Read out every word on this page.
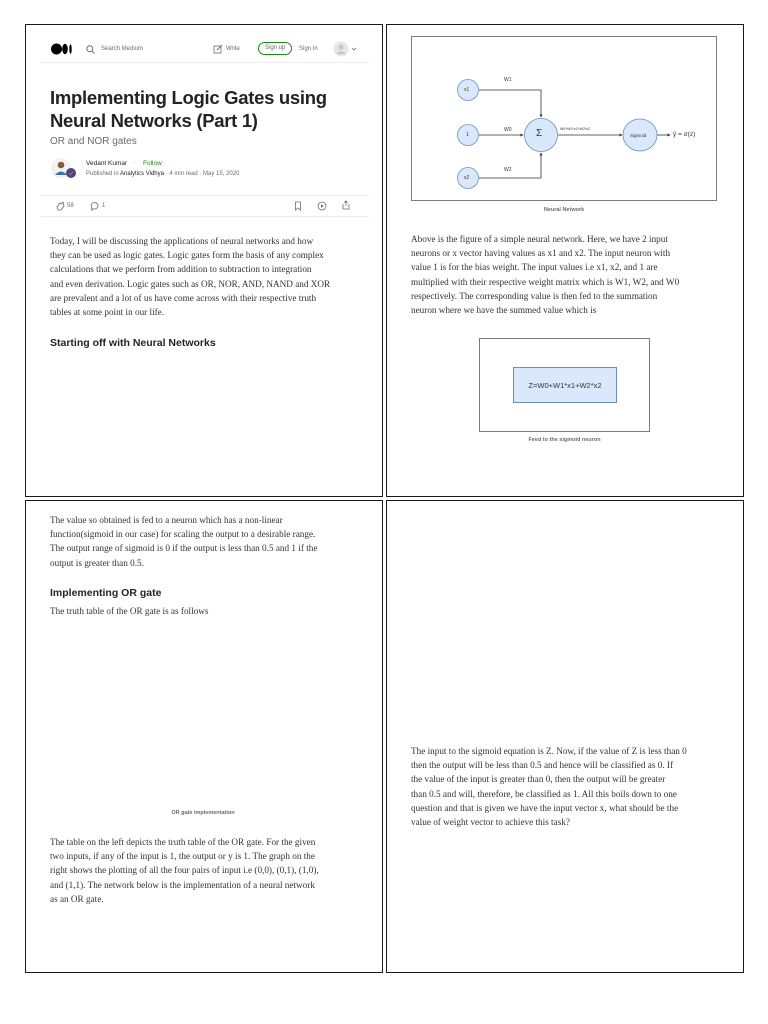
Search Medium	Write	Sign up Sign In
Implementing Logic Gates using
Neural Networks (Part 1)
OR and NOR gates
Vedant Kumar · Follow
Published in Analytics Vidhya · 4 min read · May 15, 2020
58	1
Today, I will be discussing the applications of neural networks and how
they can be used as logic gates. Logic gates form the basis of any complex
calculations that we perform from addition to subtraction to integration
and even derivation. Logic gates such as OR, NOR, AND, NAND and XOR
are prevalent and a lot of us have come across with their respective truth
tables at some point in our life.
Starting off with Neural Networks
x1
1
x2
W1
W0
W2
Σ	W0+W1*x1+W2*x2
Sigmoid	ŷ = σ(z)
Neural Network
Above is the figure of a simple neural network. Here, we have 2 input
neurons or x vector having values as x1 and x2. The input neuron with
value 1 is for the bias weight. The input values i.e x1, x2, and 1 are
multiplied with their respective weight matrix which is W1, W2, and W0
respectively. The corresponding value is then fed to the summation
neuron where we have the summed value which is
Z=W0+W1*x1+W2*x2
Feed to the sigmoid neuron
The value so obtained is fed to a neuron which has a non-linear
function(sigmoid in our case) for scaling the output to a desirable range.
The output range of sigmoid is 0 if the output is less than 0.5 and 1 if the
output is greater than 0.5.
Implementing OR gate
The truth table of the OR gate is as follows
OR gate implementation
The table on the left depicts the truth table of the OR gate. For the given
two inputs, if any of the input is 1, the output or y is 1. The graph on the
right shows the plotting of all the four pairs of input i.e (0,0), (0,1), (1,0),
and (1,1). The network below is the implementation of a neural network
as an OR gate.
The input to the sigmoid equation is Z. Now, if the value of Z is less than 0
then the output will be less than 0.5 and hence will be classified as 0. If
the value of the input is greater than 0, then the output will be greater
than 0.5 and will, therefore, be classified as 1. All this boils down to one
question and that is given we have the input vector x, what should be the
value of weight vector to achieve this task?
